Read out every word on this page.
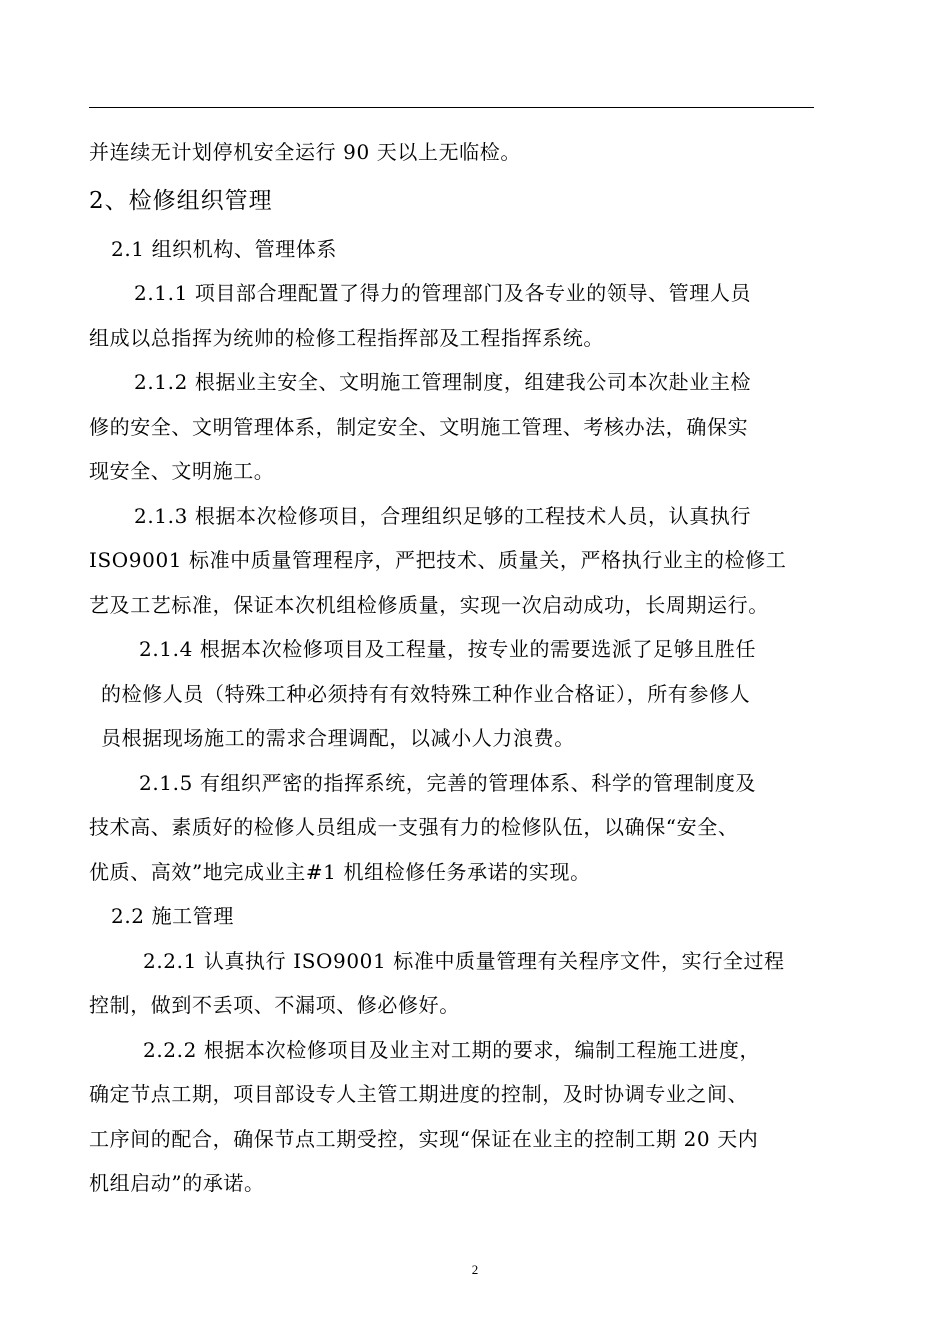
并连续无计划停机安全运行 90 天以上无临检。
2、检修组织管理
2.1 组织机构、管理体系
2.1.1 项目部合理配置了得力的管理部门及各专业的领导、管理人员
组成以总指挥为统帅的检修工程指挥部及工程指挥系统。
2.1.2 根据业主安全、文明施工管理制度，组建我公司本次赴业主检
修的安全、文明管理体系，制定安全、文明施工管理、考核办法，确保实
现安全、文明施工。
2.1.3 根据本次检修项目，合理组织足够的工程技术人员，认真执行
ISO9001 标准中质量管理程序，严把技术、质量关，严格执行业主的检修工
艺及工艺标准，保证本次机组检修质量，实现一次启动成功，长周期运行。
2.1.4 根据本次检修项目及工程量，按专业的需要选派了足够且胜任
的检修人员（特殊工种必须持有有效特殊工种作业合格证），所有参修人
员根据现场施工的需求合理调配，以减小人力浪费。
2.1.5 有组织严密的指挥系统，完善的管理体系、科学的管理制度及
技术高、素质好的检修人员组成一支强有力的检修队伍，以确保“安全、
优质、高效”地完成业主#1 机组检修任务承诺的实现。
2.2 施工管理
2.2.1 认真执行 ISO9001 标准中质量管理有关程序文件，实行全过程
控制，做到不丢项、不漏项、修必修好。
2.2.2 根据本次检修项目及业主对工期的要求，编制工程施工进度，
确定节点工期，项目部设专人主管工期进度的控制，及时协调专业之间、
工序间的配合，确保节点工期受控，实现“保证在业主的控制工期 20 天内
机组启动”的承诺。
2
